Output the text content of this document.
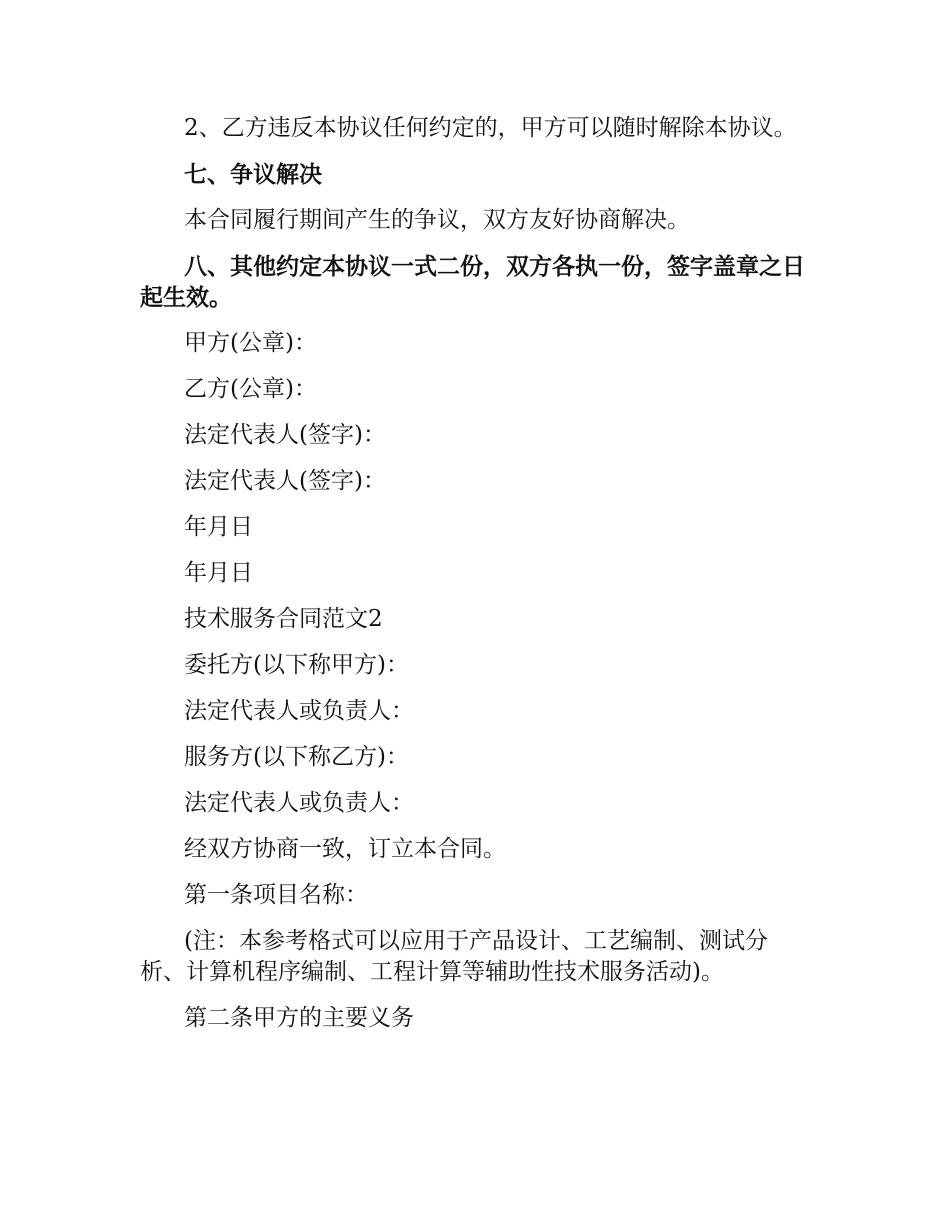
2、乙方违反本协议任何约定的，甲方可以随时解除本协议。

七、争议解决

本合同履行期间产生的争议，双方友好协商解决。

八、其他约定本协议一式二份，双方各执一份，签字盖章之日起生效。

甲方(公章)：

乙方(公章)：

法定代表人(签字)：

法定代表人(签字)：

年月日

年月日

技术服务合同范文2

委托方(以下称甲方)：

法定代表人或负责人：

服务方(以下称乙方)：

法定代表人或负责人：

经双方协商一致，订立本合同。

第一条项目名称：

(注：本参考格式可以应用于产品设计、工艺编制、测试分析、计算机程序编制、工程计算等辅助性技术服务活动)。

第二条甲方的主要义务
